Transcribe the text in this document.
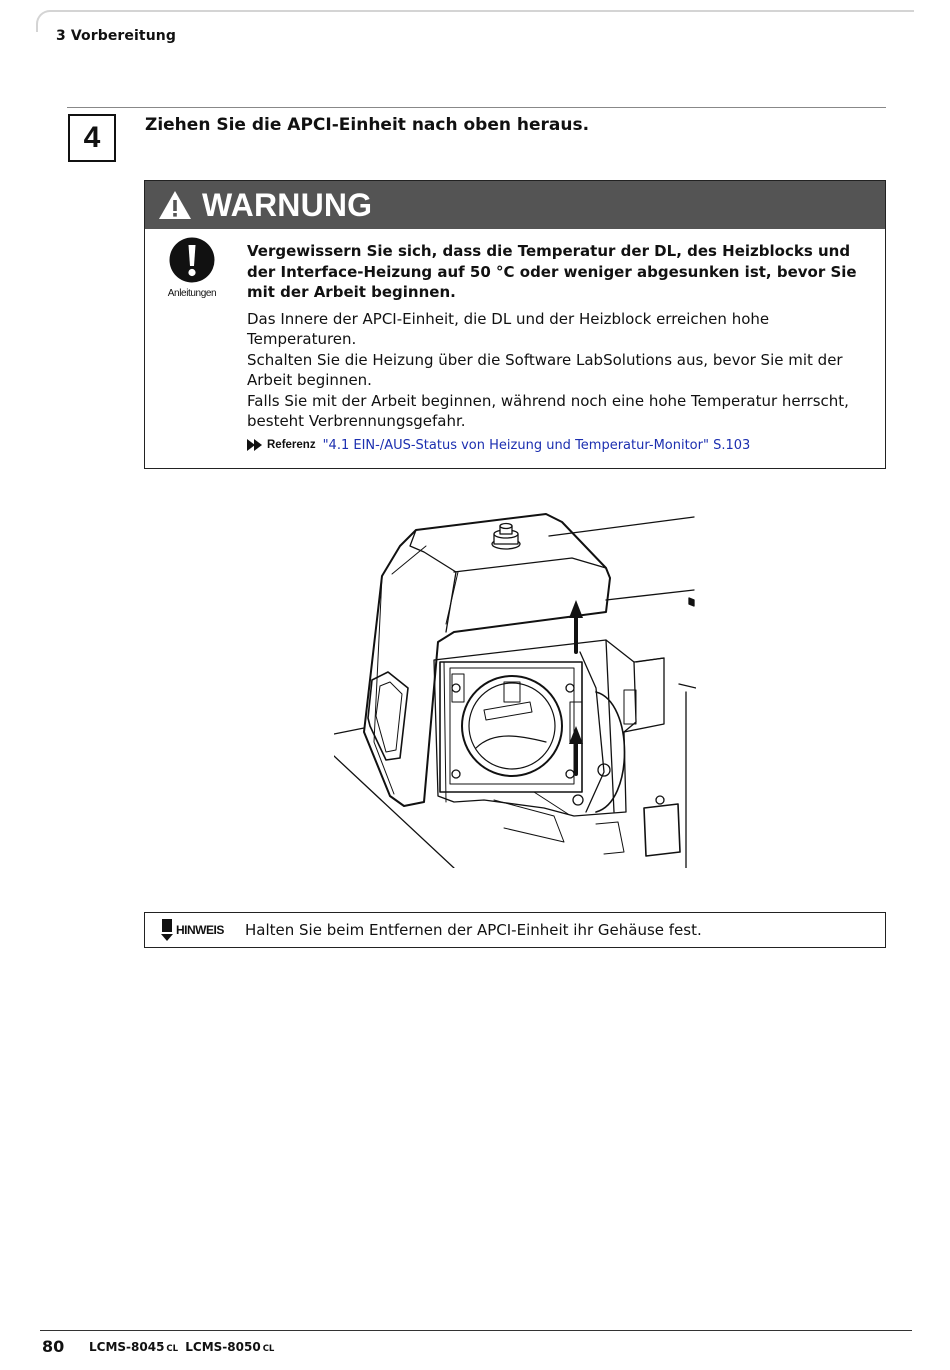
3 Vorbereitung
4	Ziehen Sie die APCI-Einheit nach oben heraus.
WARNUNG
Anleitungen

Vergewissern Sie sich, dass die Temperatur der DL, des Heizblocks und der Interface-Heizung auf 50 °C oder weniger abgesunken ist, bevor Sie mit der Arbeit beginnen.

Das Innere der APCI-Einheit, die DL und der Heizblock erreichen hohe Temperaturen.

Schalten Sie die Heizung über die Software LabSolutions aus, bevor Sie mit der Arbeit beginnen.

Falls Sie mit der Arbeit beginnen, während noch eine hohe Temperatur herrscht, besteht Verbrennungsgefahr.

Referenz "4.1 EIN-/AUS-Status von Heizung und Temperatur-Monitor" S.103
HINWEIS Halten Sie beim Entfernen der APCI-Einheit ihr Gehäuse fest.
80 LCMS-8045 CL LCMS-8050 CL
